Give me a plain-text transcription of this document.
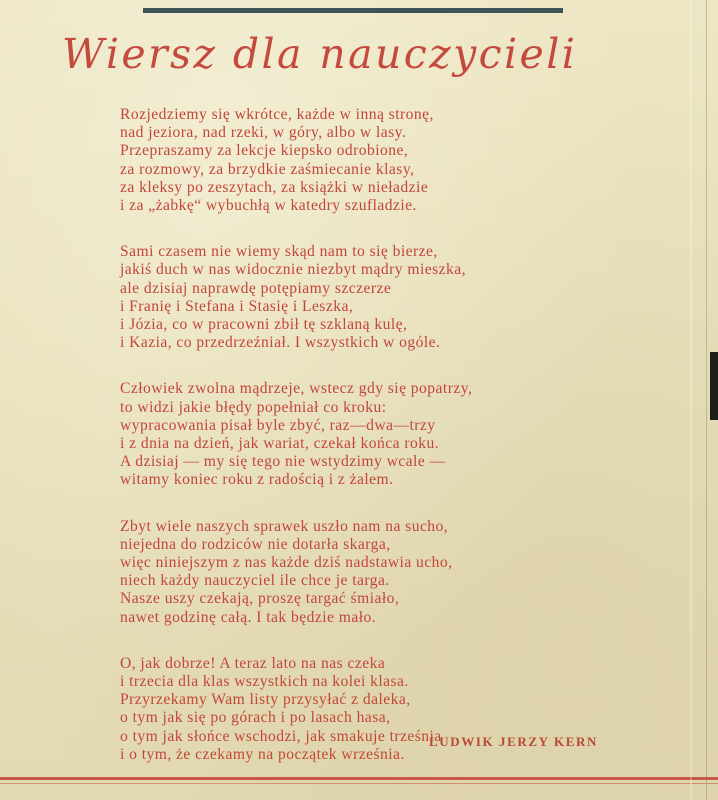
Wiersz dla nauczycieli
Rozjedziemy się wkrótce, każde w inną stronę,
nad jeziora, nad rzeki, w góry, albo w lasy.
Przepraszamy za lekcje kiepsko odrobione,
za rozmowy, za brzydkie zaśmiecanie klasy,
za kleksy po zeszytach, za książki w nieładzie
i za „żabkę“ wybuchłą w katedry szufladzie.
Sami czasem nie wiemy skąd nam to się bierze,
jakiś duch w nas widocznie niezbyt mądry mieszka,
ale dzisiaj naprawdę potępiamy szczerze
i Franię i Stefana i Stasię i Leszka,
i Józia, co w pracowni zbił tę szklaną kulę,
i Kazia, co przedrzeźniał. I wszystkich w ogóle.
Człowiek zwolna mądrzeje, wstecz gdy się popatrzy,
to widzi jakie błędy popełniał co kroku:
wypracowania pisał byle zbyć, raz—dwa—trzy
i z dnia na dzień, jak wariat, czekał końca roku.
A dzisiaj — my się tego nie wstydzimy wcale —
witamy koniec roku z radością i z żalem.
Zbyt wiele naszych sprawek uszło nam na sucho,
niejedna do rodziców nie dotarła skarga,
więc niniejszym z nas każde dziś nadstawia ucho,
niech każdy nauczyciel ile chce je targa.
Nasze uszy czekają, proszę targać śmiało,
nawet godzinę całą. I tak będzie mało.
O, jak dobrze! A teraz lato na nas czeka
i trzecia dla klas wszystkich na kolei klasa.
Przyrzekamy Wam listy przysyłać z daleka,
o tym jak się po górach i po lasach hasa,
o tym jak słońce wschodzi, jak smakuje trześnia
i o tym, że czekamy na początek września.

LUDWIK JERZY KERN
